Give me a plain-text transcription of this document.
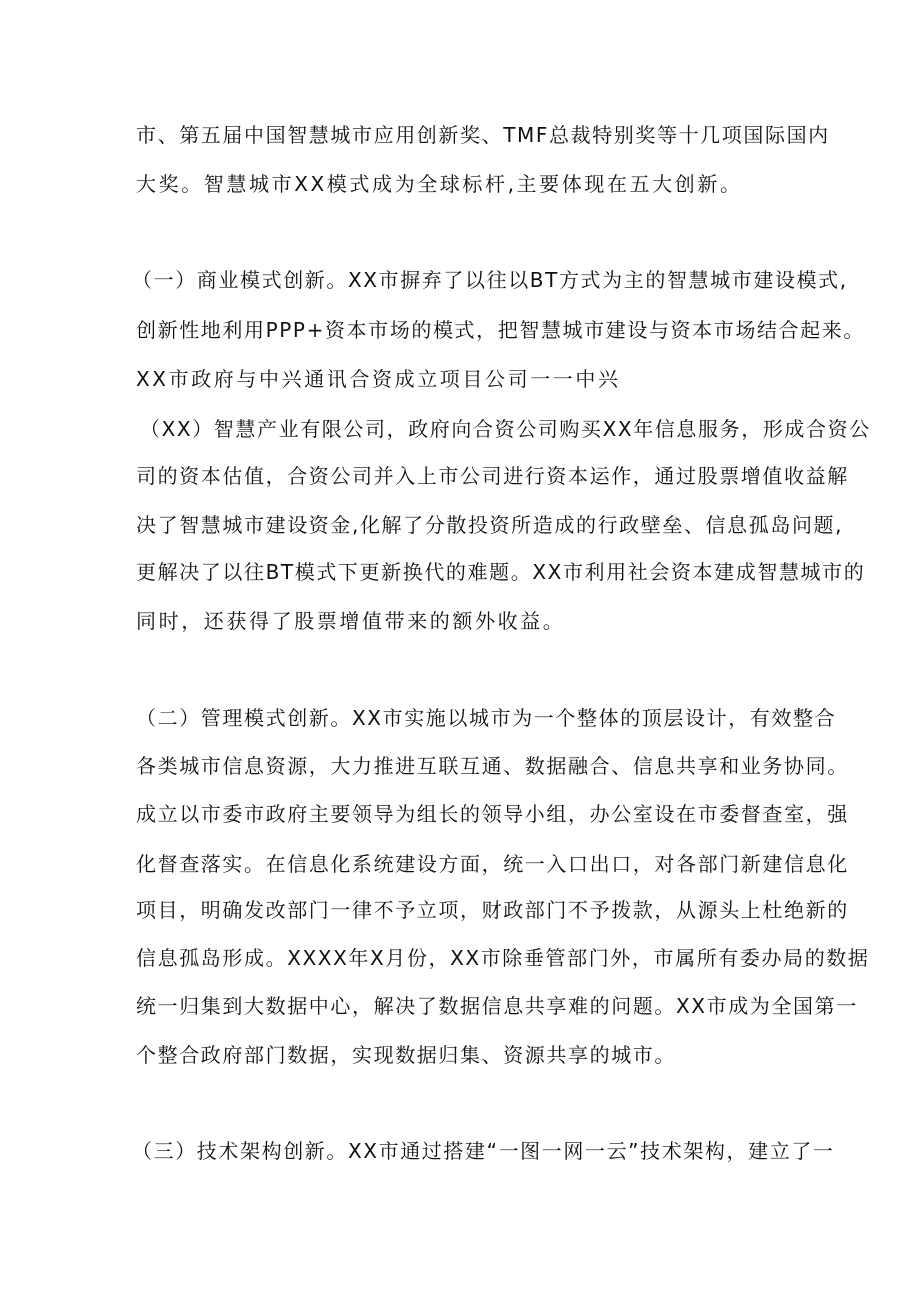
市、第五届中国智慧城市应用创新奖、TMF总裁特别奖等十几项国际国内
大奖。智慧城市XX模式成为全球标杆,主要体现在五大创新。
（一）商业模式创新。XX市摒弃了以往以BT方式为主的智慧城市建设模式,
创新性地利用PPP+资本市场的模式，把智慧城市建设与资本市场结合起来。
XX市政府与中兴通讯合资成立项目公司一一中兴
（XX）智慧产业有限公司，政府向合资公司购买XX年信息服务，形成合资公
司的资本估值，合资公司并入上市公司进行资本运作，通过股票增值收益解
决了智慧城市建设资金,化解了分散投资所造成的行政壁垒、信息孤岛问题,
更解决了以往BT模式下更新换代的难题。XX市利用社会资本建成智慧城市的
同时，还获得了股票增值带来的额外收益。
（二）管理模式创新。XX市实施以城市为一个整体的顶层设计，有效整合
各类城市信息资源，大力推进互联互通、数据融合、信息共享和业务协同。
成立以市委市政府主要领导为组长的领导小组，办公室设在市委督查室，强
化督查落实。在信息化系统建设方面，统一入口出口，对各部门新建信息化
项目，明确发改部门一律不予立项，财政部门不予拨款，从源头上杜绝新的
信息孤岛形成。XXXX年X月份，XX市除垂管部门外，市属所有委办局的数据
统一归集到大数据中心，解决了数据信息共享难的问题。XX市成为全国第一
个整合政府部门数据，实现数据归集、资源共享的城市。
（三）技术架构创新。XX市通过搭建“一图一网一云”技术架构，建立了一
